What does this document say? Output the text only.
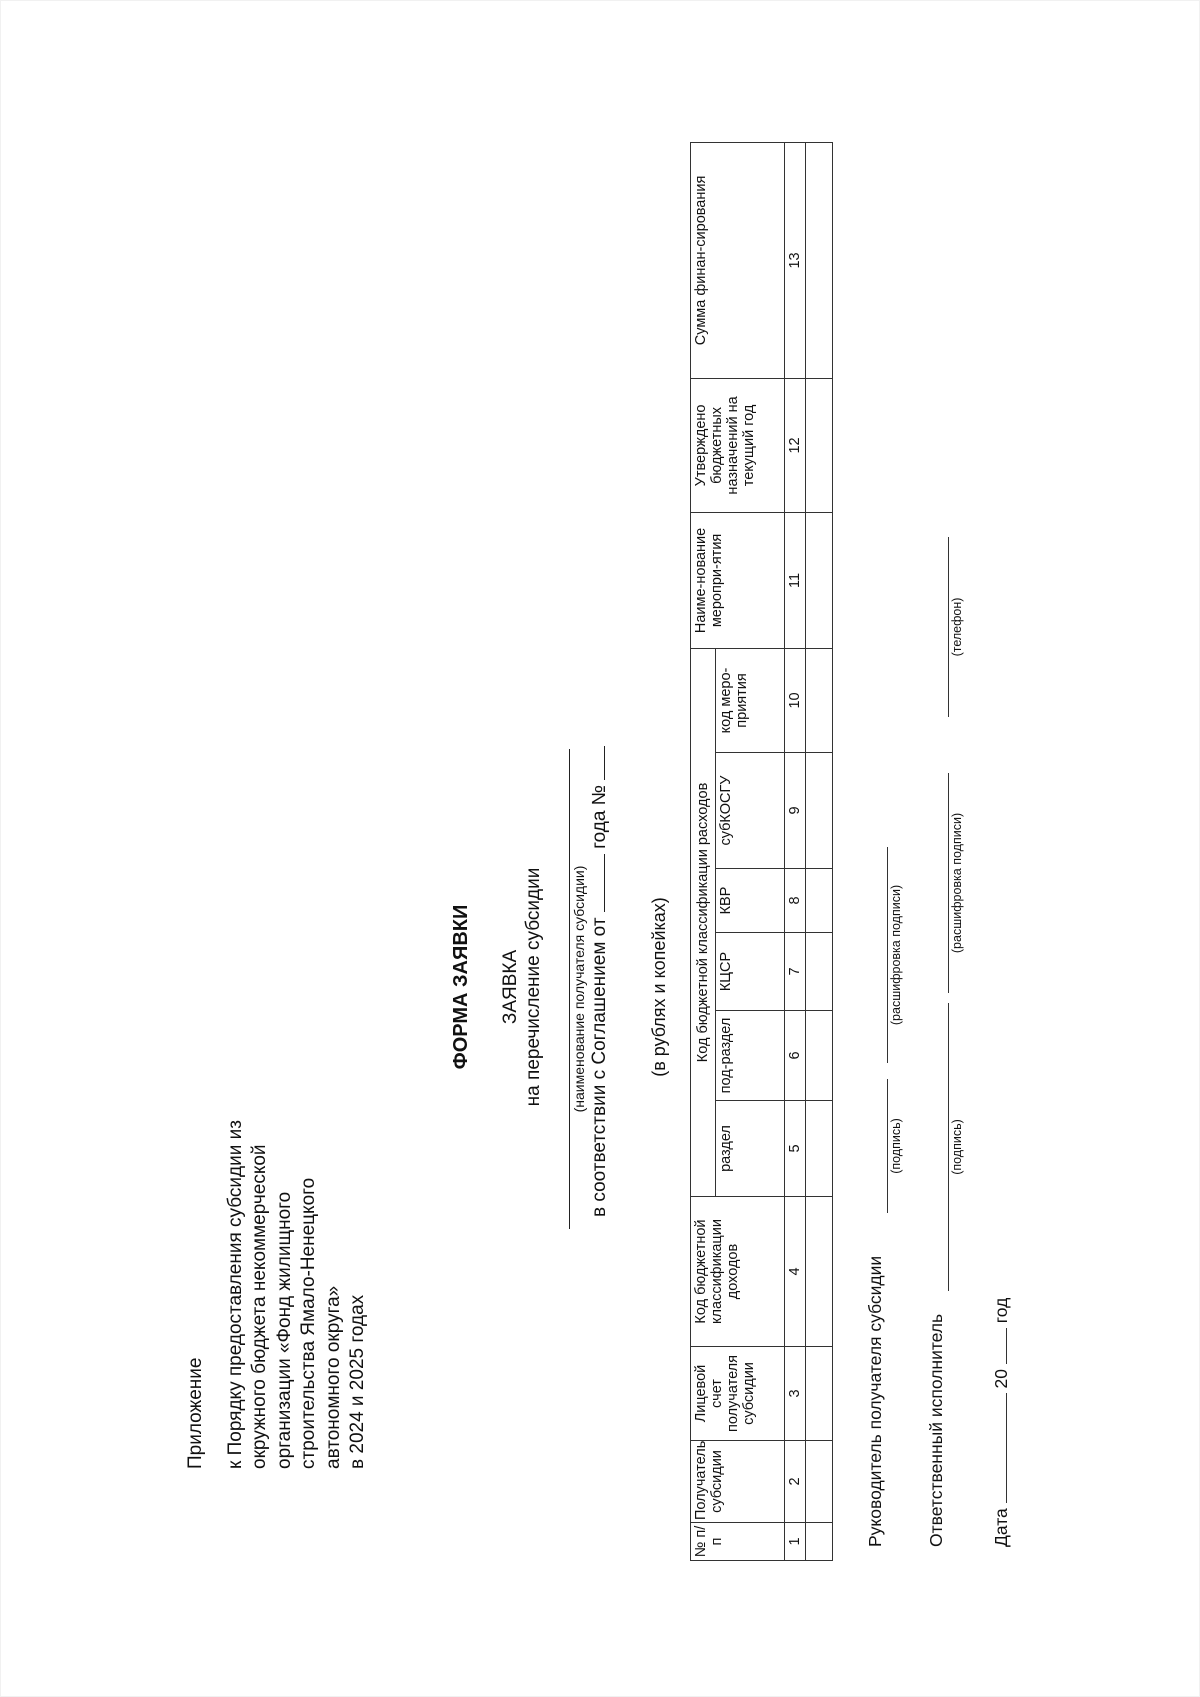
Приложение к Порядку предоставления субсидии из окружного бюджета некоммерческой организации «Фонд жилищного строительства Ямало-Ненецкого автономного округа» в 2024 и 2025 годах
ФОРМА ЗАЯВКИ ЗАЯВКА на перечисление субсидии (наименование получателя субсидии) в соответствии с Соглашением от  года №
(в рублях и копейках)
№ п/п	Получатель субсидии	Лицевой счет получателя субсидии	Код бюджетной классификации доходов	Код бюджетной классификации расходов						Наиме-нование меропри-ятия	Утверждено бюджетных назначений на текущий год	Сумма финан-сирования
				раздел	под-раздел	КЦСР	КВР	субКОСГУ	код меро-приятия			
1	2	3	4	5	6	7	8	9	10	11	12	13

Руководитель получателя субсидии
(подпись)
(расшифровка подписи)
Ответственный исполнитель
(подпись)
(расшифровка подписи)
(телефон)
Дата  20  год
